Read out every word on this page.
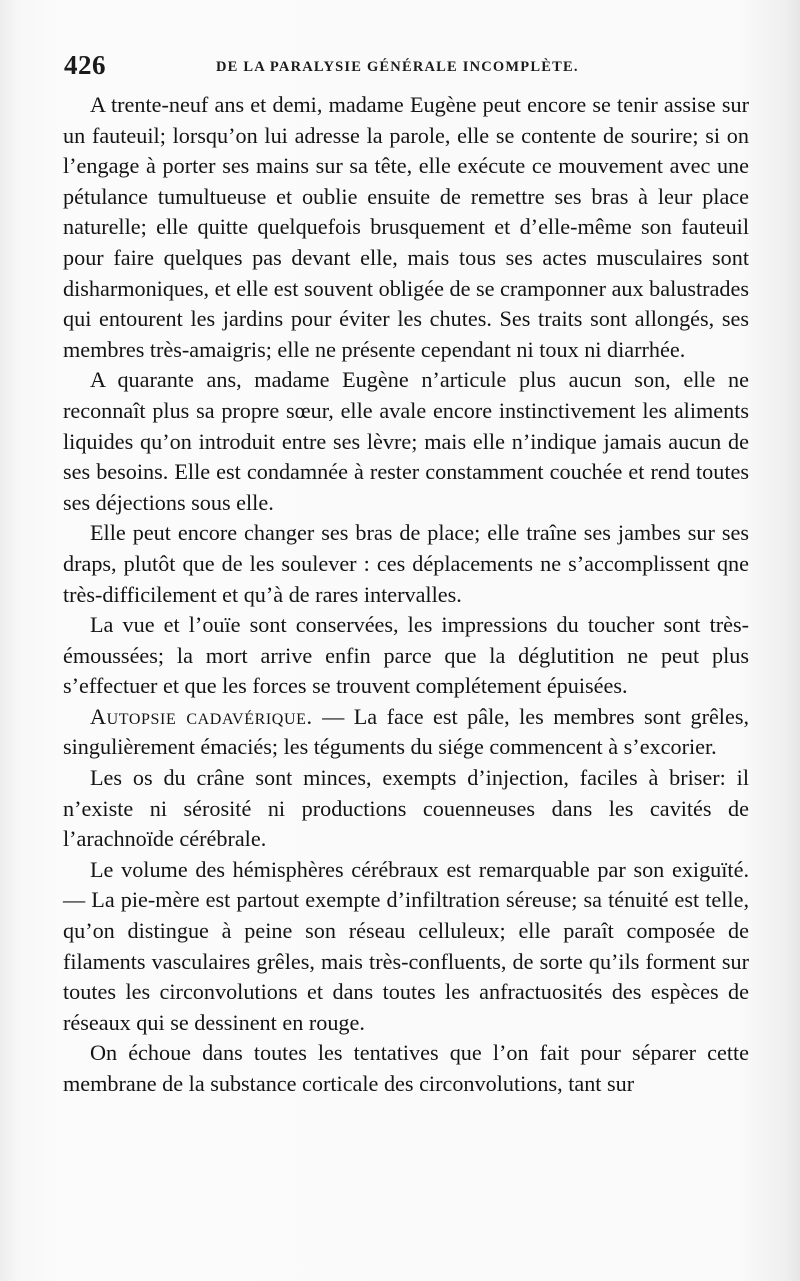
426	DE LA PARALYSIE GÉNÉRALE INCOMPLÈTE.

A trente-neuf ans et demi, madame Eugène peut encore se tenir assise sur un fauteuil; lorsqu’on lui adresse la parole, elle se contente de sourire; si on l’engage à porter ses mains sur sa tête, elle exécute ce mouvement avec une pétulance tumultueuse et oublie ensuite de remettre ses bras à leur place naturelle; elle quitte quelquefois brusquement et d’elle-même son fauteuil pour faire quelques pas devant elle, mais tous ses actes musculaires sont disharmoniques, et elle est souvent obligée de se cramponner aux balustrades qui entourent les jardins pour éviter les chutes. Ses traits sont allongés, ses membres très-amaigris; elle ne présente cependant ni toux ni diarrhée.

A quarante ans, madame Eugène n’articule plus aucun son, elle ne reconnaît plus sa propre sœur, elle avale encore instinctivement les aliments liquides qu’on introduit entre ses lèvre; mais elle n’indique jamais aucun de ses besoins. Elle est condamnée à rester constamment couchée et rend toutes ses déjections sous elle.

Elle peut encore changer ses bras de place; elle traîne ses jambes sur ses draps, plutôt que de les soulever : ces déplacements ne s’accomplissent qne très-difficilement et qu’à de rares intervalles.

La vue et l’ouïe sont conservées, les impressions du toucher sont très-émoussées; la mort arrive enfin parce que la déglutition ne peut plus s’effectuer et que les forces se trouvent complétement épuisées.

Autopsie cadavérique. — La face est pâle, les membres sont grêles, singulièrement émaciés; les téguments du siége commencent à s’excorier.

Les os du crâne sont minces, exempts d’injection, faciles à briser: il n’existe ni sérosité ni productions couenneuses dans les cavités de l’arachnoïde cérébrale.

Le volume des hémisphères cérébraux est remarquable par son exiguïté. — La pie-mère est partout exempte d’infiltration séreuse; sa ténuité est telle, qu’on distingue à peine son réseau celluleux; elle paraît composée de filaments vasculaires grêles, mais très-confluents, de sorte qu’ils forment sur toutes les circonvolutions et dans toutes les anfractuosités des espèces de réseaux qui se dessinent en rouge.

On échoue dans toutes les tentatives que l’on fait pour séparer cette membrane de la substance corticale des circonvolutions, tant sur
